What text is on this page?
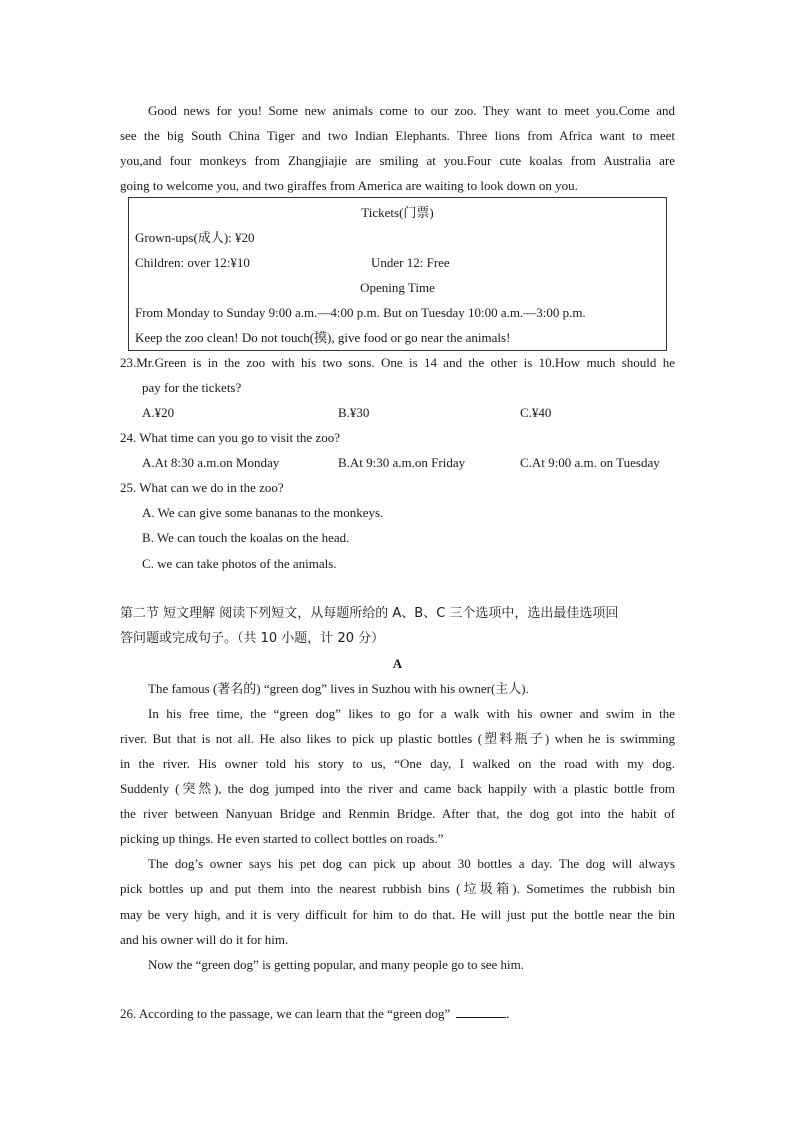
Good news for you! Some new animals come to our zoo. They want to meet you.Come and
see the big South China Tiger and two Indian Elephants. Three lions from Africa want to meet
you,and four monkeys from Zhangjiajie are smiling at you.Four cute koalas from Australia are
going to welcome you, and two giraffes from America are waiting to look down on you.
Tickets(门票)
Grown-ups(成人): ¥20
Children: over 12:¥10	Under 12: Free
Opening Time
From Monday to Sunday 9:00 a.m.—4:00 p.m. But on Tuesday 10:00 a.m.—3:00 p.m.
Keep the zoo clean! Do not touch(摸), give food or go near the animals!
23.Mr.Green is in the zoo with his two sons. One is 14 and the other is 10.How much should he
pay for the tickets?
A.¥20	B.¥30	C.¥40
24. What time can you go to visit the zoo?
A.At 8:30 a.m.on Monday	B.At 9:30 a.m.on Friday	C.At 9:00 a.m. on Tuesday
25. What can we do in the zoo?
A. We can give some bananas to the monkeys.
B. We can touch the koalas on the head.
C. we can take photos of the animals.
第二节 短文理解 阅读下列短文，从每题所给的 A、B、C 三个选项中，选出最佳选项回
答问题或完成句子。（共 10 小题，计 20 分）
A
The famous (著名的) “green dog” lives in Suzhou with his owner(主人).
In his free time, the “green dog” likes to go for a walk with his owner and swim in the
river. But that is not all. He also likes to pick up plastic bottles (塑料瓶子) when he is swimming
in the river. His owner told his story to us, “One day, I walked on the road with my dog.
Suddenly (突然), the dog jumped into the river and came back happily with a plastic bottle from
the river between Nanyuan Bridge and Renmin Bridge. After that, the dog got into the habit of
picking up things. He even started to collect bottles on roads.”
The dog’s owner says his pet dog can pick up about 30 bottles a day. The dog will always
pick bottles up and put them into the nearest rubbish bins (垃圾箱). Sometimes the rubbish bin
may be very high, and it is very difficult for him to do that. He will just put the bottle near the bin
and his owner will do it for him.
Now the “green dog” is getting popular, and many people go to see him.
26. According to the passage, we can learn that the “green dog”	.
